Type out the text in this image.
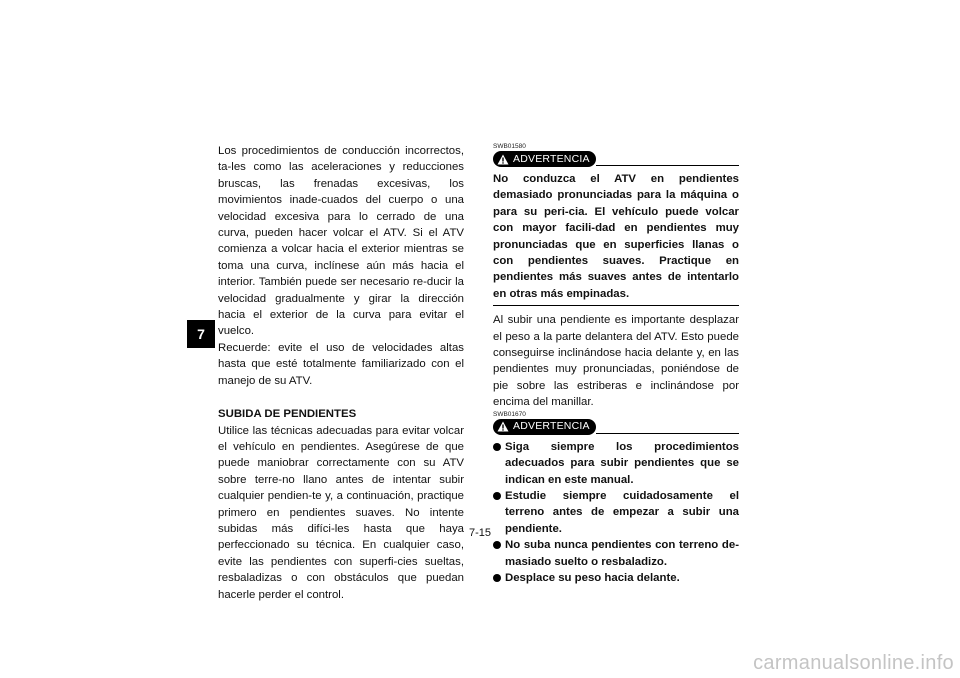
7

Los procedimientos de conducción incorrectos, ta-les como las aceleraciones y reducciones bruscas, las frenadas excesivas, los movimientos inade-cuados del cuerpo o una velocidad excesiva para lo cerrado de una curva, pueden hacer volcar el ATV. Si el ATV comienza a volcar hacia el exterior mientras se toma una curva, inclínese aún más hacia el interior. También puede ser necesario re-ducir la velocidad gradualmente y girar la dirección hacia el exterior de la curva para evitar el vuelco.

Recuerde: evite el uso de velocidades altas hasta que esté totalmente familiarizado con el manejo de su ATV.

SUBIDA DE PENDIENTES

Utilice las técnicas adecuadas para evitar volcar el vehículo en pendientes. Asegúrese de que puede maniobrar correctamente con su ATV sobre terre-no llano antes de intentar subir cualquier pendien-te y, a continuación, practique primero en pendientes suaves. No intente subidas más difíci-les hasta que haya perfeccionado su técnica. En cualquier caso, evite las pendientes con superfi-cies sueltas, resbaladizas o con obstáculos que puedan hacerle perder el control.

SWB01580
ADVERTENCIA

No conduzca el ATV en pendientes demasiado pronunciadas para la máquina o para su peri-cia. El vehículo puede volcar con mayor facili-dad en pendientes muy pronunciadas que en superficies llanas o con pendientes suaves. Practique en pendientes más suaves antes de intentarlo en otras más empinadas.

Al subir una pendiente es importante desplazar el peso a la parte delantera del ATV. Esto puede conseguirse inclinándose hacia delante y, en las pendientes muy pronunciadas, poniéndose de pie sobre las estriberas e inclinándose por encima del manillar.

SWB01670
ADVERTENCIA
Siga siempre los procedimientos adecuados para subir pendientes que se indican en este manual.
Estudie siempre cuidadosamente el terreno antes de empezar a subir una pendiente.
No suba nunca pendientes con terreno de-masiado suelto o resbaladizo.
Desplace su peso hacia delante.
7-15
carmanualsonline.info
